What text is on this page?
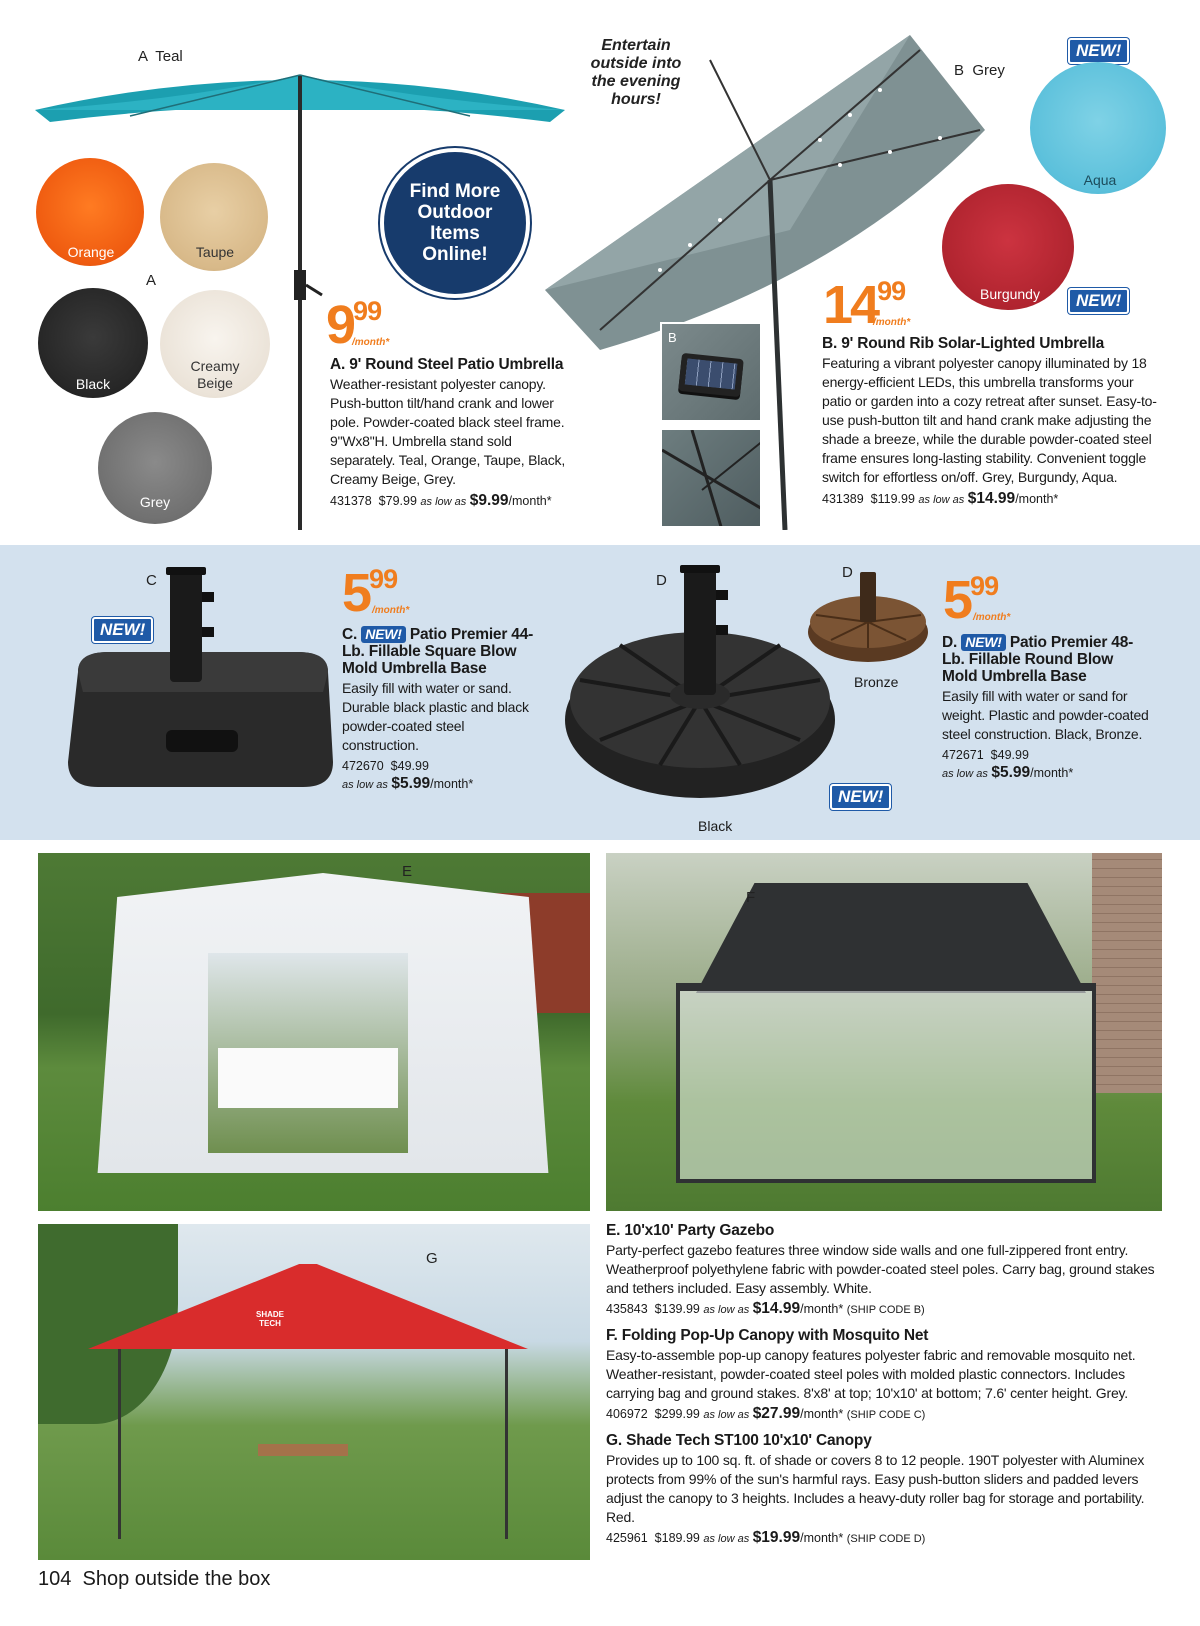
A  Teal
Orange	Taupe
A
Black
Creamy Beige
Grey
Find More Outdoor Items Online!
999
/month*
A. 9' Round Steel Patio Umbrella
Weather-resistant polyester canopy. Push-button tilt/hand crank and lower pole. Powder-coated black steel frame. 9"Wx8"H. Umbrella stand sold separately. Teal, Orange, Taupe, Black, Creamy Beige, Grey.
431378 $79.99 as low as $9.99/month*
Entertain outside into the evening hours!
B  Grey
NEW!
Aqua
Burgundy	NEW!
B
1499
/month*
B. 9' Round Rib Solar-Lighted Umbrella
Featuring a vibrant polyester canopy illuminated by 18 energy-efficient LEDs, this umbrella transforms your patio or garden into a cozy retreat after sunset. Easy-to-use push-button tilt and hand crank make adjusting the shade a breeze, while the durable powder-coated steel frame ensures long-lasting stability. Convenient toggle switch for effortless on/off. Grey, Burgundy, Aqua.
431389 $119.99 as low as $14.99/month*
C
NEW!
599
/month*
C. NEW! Patio Premier 44-Lb. Fillable Square Blow Mold Umbrella Base
Easily fill with water or sand. Durable black plastic and black powder-coated steel construction.
472670 $49.99
as low as $5.99/month*
D
Black
D
Bronze
NEW!
599
/month*
D. NEW! Patio Premier 48-Lb. Fillable Round Blow Mold Umbrella Base
Easily fill with water or sand for weight. Plastic and powder-coated steel construction. Black, Bronze.
472671 $49.99
as low as $5.99/month*
E
F
SHADE TECH
G
E. 10'x10' Party Gazebo
Party-perfect gazebo features three window side walls and one full-zippered front entry. Weatherproof polyethylene fabric with powder-coated steel poles. Carry bag, ground stakes and tethers included. Easy assembly. White.
435843 $139.99 as low as $14.99/month* (SHIP CODE B)
F. Folding Pop-Up Canopy with Mosquito Net
Easy-to-assemble pop-up canopy features polyester fabric and removable mosquito net. Weather-resistant, powder-coated steel poles with molded plastic connectors. Includes carrying bag and ground stakes. 8'x8' at top; 10'x10' at bottom; 7.6' center height. Grey.
406972 $299.99 as low as $27.99/month* (SHIP CODE C)
G. Shade Tech ST100 10'x10' Canopy
Provides up to 100 sq. ft. of shade or covers 8 to 12 people. 190T polyester with Aluminex protects from 99% of the sun's harmful rays. Easy push-button sliders and padded levers adjust the canopy to 3 heights. Includes a heavy-duty roller bag for storage and portability. Red.
425961 $189.99 as low as $19.99/month* (SHIP CODE D)
104 Shop outside the box
